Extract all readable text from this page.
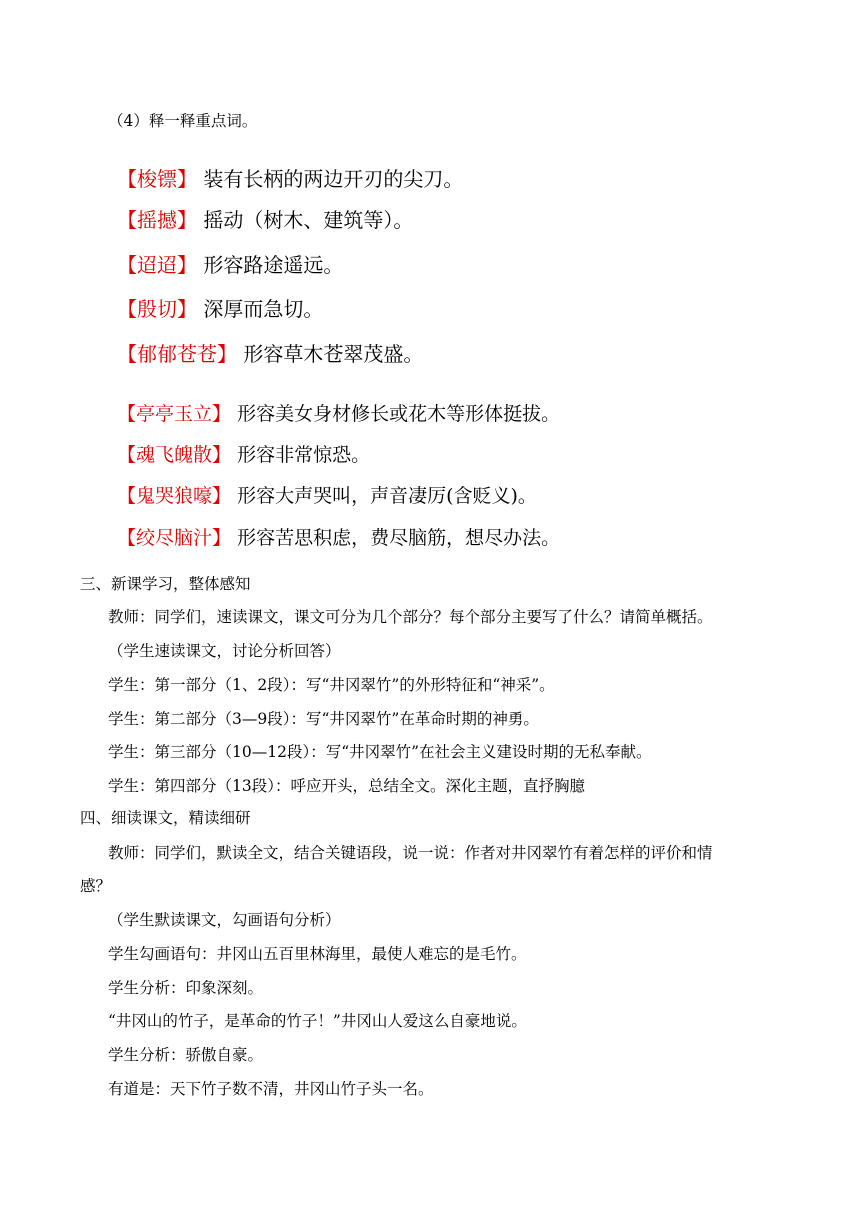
（4）释一释重点词。
【梭镖】 装有长柄的两边开刃的尖刀。
【摇撼】 摇动（树木、建筑等）。
【迢迢】 形容路途遥远。
【殷切】 深厚而急切。
【郁郁苍苍】 形容草木苍翠茂盛。
【亭亭玉立】 形容美女身材修长或花木等形体挺拔。
【魂飞魄散】 形容非常惊恐。
【鬼哭狼嚎】 形容大声哭叫，声音凄厉(含贬义)。
【绞尽脑汁】 形容苦思积虑，费尽脑筋，想尽办法。
三、新课学习，整体感知
教师：同学们，速读课文，课文可分为几个部分？每个部分主要写了什么？请简单概括。
（学生速读课文，讨论分析回答）
学生：第一部分（1、2段）：写“井冈翠竹”的外形特征和“神采”。
学生：第二部分（3—9段）：写“井冈翠竹”在革命时期的神勇。
学生：第三部分（10—12段）：写“井冈翠竹”在社会主义建设时期的无私奉献。
学生：第四部分（13段）：呼应开头，总结全文。深化主题，直抒胸臆
四、细读课文，精读细研
教师：同学们，默读全文，结合关键语段，说一说：作者对井冈翠竹有着怎样的评价和情
感？
（学生默读课文，勾画语句分析）
学生勾画语句：井冈山五百里林海里，最使人难忘的是毛竹。
学生分析：印象深刻。
“井冈山的竹子，是革命的竹子！”井冈山人爱这么自豪地说。
学生分析：骄傲自豪。
有道是：天下竹子数不清，井冈山竹子头一名。
